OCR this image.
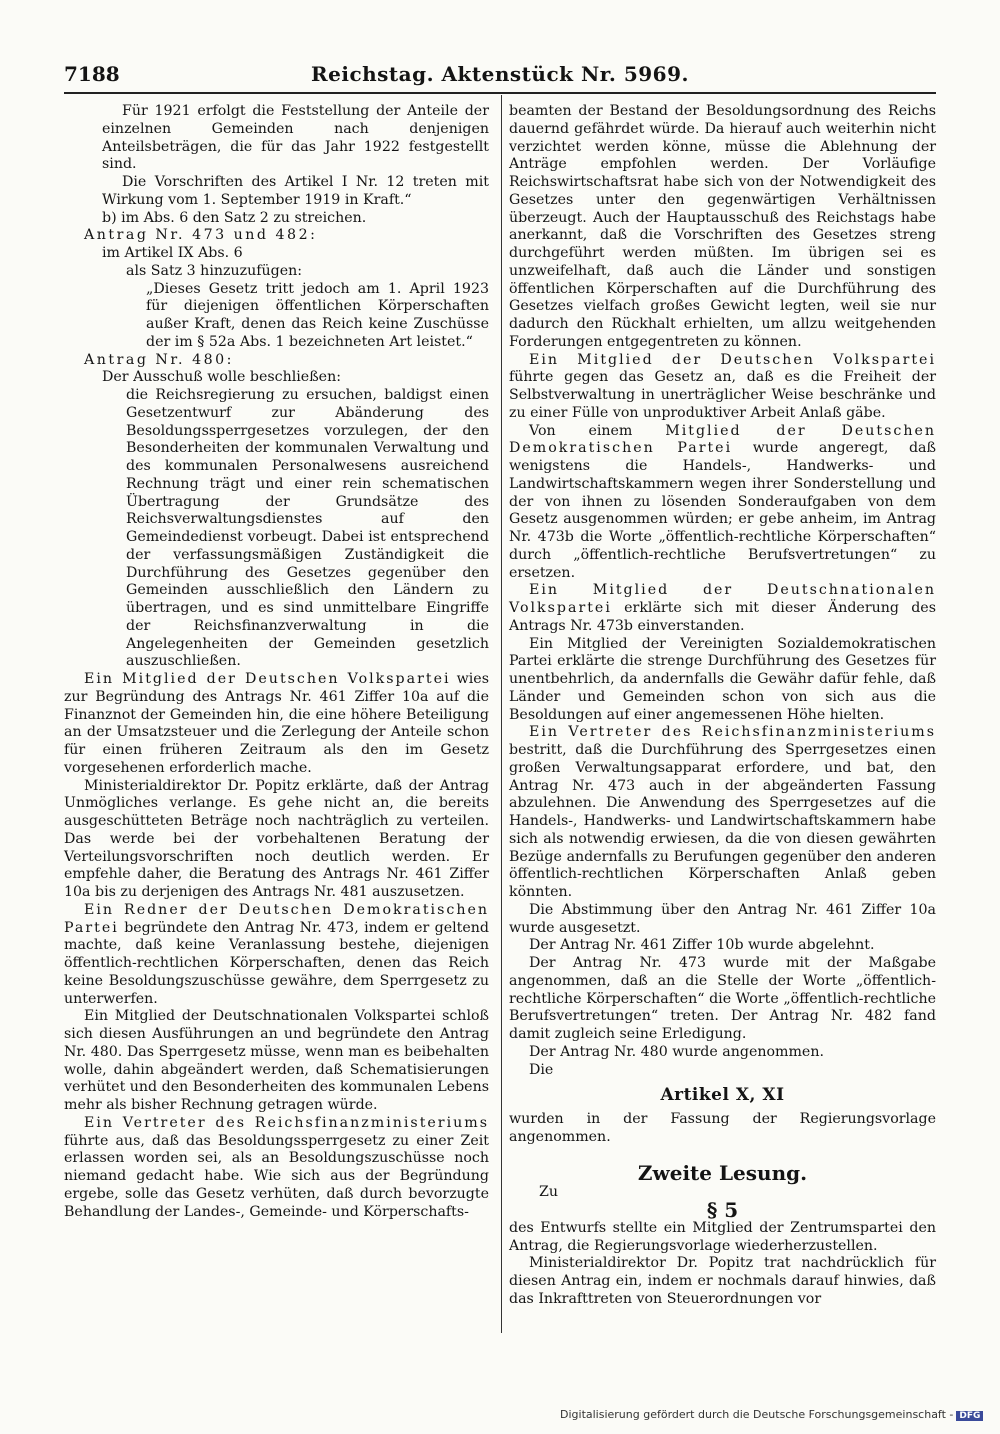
7188	Reichstag. Aktenstück Nr. 5969.

Für 1921 erfolgt die Feststellung der Anteile der einzelnen Gemeinden nach denjenigen Anteilsbeträgen, die für das Jahr 1922 festgestellt sind.

Die Vorschriften des Artikel I Nr. 12 treten mit Wirkung vom 1. September 1919 in Kraft.“

b) im Abs. 6 den Satz 2 zu streichen.

Antrag Nr. 473 und 482:

im Artikel IX Abs. 6

als Satz 3 hinzuzufügen:

„Dieses Gesetz tritt jedoch am 1. April 1923 für diejenigen öffentlichen Körperschaften außer Kraft, denen das Reich keine Zuschüsse der im § 52a Abs. 1 bezeichneten Art leistet.“

Antrag Nr. 480:

Der Ausschuß wolle beschließen:

die Reichsregierung zu ersuchen, baldigst einen Gesetzentwurf zur Abänderung des Besoldungssperrgesetzes vorzulegen, der den Besonderheiten der kommunalen Verwaltung und des kommunalen Personalwesens ausreichend Rechnung trägt und einer rein schematischen Übertragung der Grundsätze des Reichsverwaltungsdienstes auf den Gemeindedienst vorbeugt. Dabei ist entsprechend der verfassungsmäßigen Zuständigkeit die Durchführung des Gesetzes gegenüber den Gemeinden ausschließlich den Ländern zu übertragen, und es sind unmittelbare Eingriffe der Reichsfinanzverwaltung in die Angelegenheiten der Gemeinden gesetzlich auszuschließen.

Ein Mitglied der Deutschen Volkspartei wies zur Begründung des Antrags Nr. 461 Ziffer 10a auf die Finanznot der Gemeinden hin, die eine höhere Beteiligung an der Umsatzsteuer und die Zerlegung der Anteile schon für einen früheren Zeitraum als den im Gesetz vorgesehenen erforderlich mache.

Ministerialdirektor Dr. Popitz erklärte, daß der Antrag Unmögliches verlange. Es gehe nicht an, die bereits ausgeschütteten Beträge noch nachträglich zu verteilen. Das werde bei der vorbehaltenen Beratung der Verteilungsvorschriften noch deutlich werden. Er empfehle daher, die Beratung des Antrags Nr. 461 Ziffer 10a bis zu derjenigen des Antrags Nr. 481 auszusetzen.

Ein Redner der Deutschen Demokratischen Partei begründete den Antrag Nr. 473, indem er geltend machte, daß keine Veranlassung bestehe, diejenigen öffentlich-rechtlichen Körperschaften, denen das Reich keine Besoldungszuschüsse gewähre, dem Sperrgesetz zu unterwerfen.

Ein Mitglied der Deutschnationalen Volkspartei schloß sich diesen Ausführungen an und begründete den Antrag Nr. 480. Das Sperrgesetz müsse, wenn man es beibehalten wolle, dahin abgeändert werden, daß Schematisierungen verhütet und den Besonderheiten des kommunalen Lebens mehr als bisher Rechnung getragen würde.

Ein Vertreter des Reichsfinanzministeriums führte aus, daß das Besoldungssperrgesetz zu einer Zeit erlassen worden sei, als an Besoldungszuschüsse noch niemand gedacht habe. Wie sich aus der Begründung ergebe, solle das Gesetz verhüten, daß durch bevorzugte Behandlung der Landes-, Gemeinde- und Körperschafts-

beamten der Bestand der Besoldungsordnung des Reichs dauernd gefährdet würde. Da hierauf auch weiterhin nicht verzichtet werden könne, müsse die Ablehnung der Anträge empfohlen werden. Der Vorläufige Reichswirtschaftsrat habe sich von der Notwendigkeit des Gesetzes unter den gegenwärtigen Verhältnissen überzeugt. Auch der Hauptausschuß des Reichstags habe anerkannt, daß die Vorschriften des Gesetzes streng durchgeführt werden müßten. Im übrigen sei es unzweifelhaft, daß auch die Länder und sonstigen öffentlichen Körperschaften auf die Durchführung des Gesetzes vielfach großes Gewicht legten, weil sie nur dadurch den Rückhalt erhielten, um allzu weitgehenden Forderungen entgegentreten zu können.

Ein Mitglied der Deutschen Volkspartei führte gegen das Gesetz an, daß es die Freiheit der Selbstverwaltung in unerträglicher Weise beschränke und zu einer Fülle von unproduktiver Arbeit Anlaß gäbe.

Von einem Mitglied der Deutschen Demokratischen Partei wurde angeregt, daß wenigstens die Handels-, Handwerks- und Landwirtschaftskammern wegen ihrer Sonderstellung und der von ihnen zu lösenden Sonderaufgaben von dem Gesetz ausgenommen würden; er gebe anheim, im Antrag Nr. 473b die Worte „öffentlich-rechtliche Körperschaften“ durch „öffentlich-rechtliche Berufsvertretungen“ zu ersetzen.

Ein Mitglied der Deutschnationalen Volkspartei erklärte sich mit dieser Änderung des Antrags Nr. 473b einverstanden.

Ein Mitglied der Vereinigten Sozialdemokratischen Partei erklärte die strenge Durchführung des Gesetzes für unentbehrlich, da andernfalls die Gewähr dafür fehle, daß Länder und Gemeinden schon von sich aus die Besoldungen auf einer angemessenen Höhe hielten.

Ein Vertreter des Reichsfinanzministeriums bestritt, daß die Durchführung des Sperrgesetzes einen großen Verwaltungsapparat erfordere, und bat, den Antrag Nr. 473 auch in der abgeänderten Fassung abzulehnen. Die Anwendung des Sperrgesetzes auf die Handels-, Handwerks- und Landwirtschaftskammern habe sich als notwendig erwiesen, da die von diesen gewährten Bezüge andernfalls zu Berufungen gegenüber den anderen öffentlich-rechtlichen Körperschaften Anlaß geben könnten.

Die Abstimmung über den Antrag Nr. 461 Ziffer 10a wurde ausgesetzt.

Der Antrag Nr. 461 Ziffer 10b wurde abgelehnt.

Der Antrag Nr. 473 wurde mit der Maßgabe angenommen, daß an die Stelle der Worte „öffentlich-rechtliche Körperschaften“ die Worte „öffentlich-rechtliche Berufsvertretungen“ treten. Der Antrag Nr. 482 fand damit zugleich seine Erledigung.

Der Antrag Nr. 480 wurde angenommen.

Die

Artikel X, XI

wurden in der Fassung der Regierungsvorlage angenommen.

Zweite Lesung.

Zu

§ 5

des Entwurfs stellte ein Mitglied der Zentrumspartei den Antrag, die Regierungsvorlage wiederherzustellen.

Ministerialdirektor Dr. Popitz trat nachdrücklich für diesen Antrag ein, indem er nochmals darauf hinwies, daß das Inkrafttreten von Steuerordnungen vor

Digitalisierung gefördert durch die Deutsche Forschungsgemeinschaft - DFG
